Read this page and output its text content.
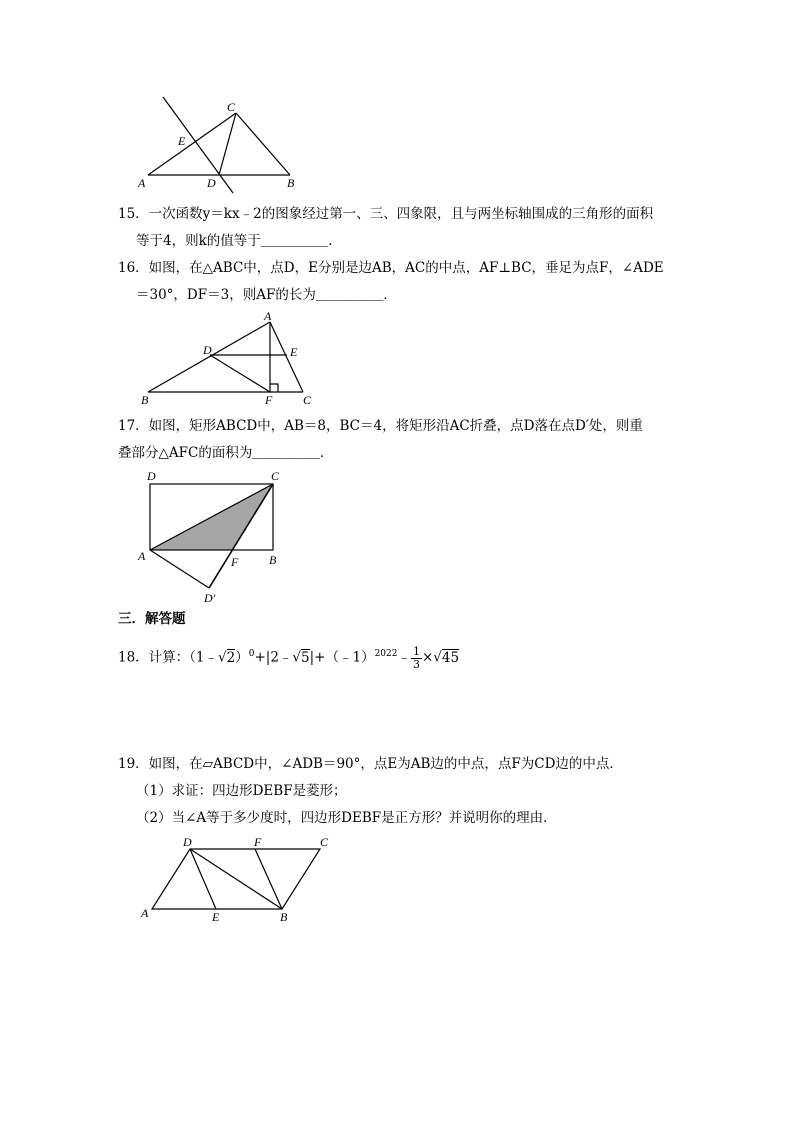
C
E
A	D	B
15．一次函数y＝kx﹣2的图象经过第一、三、四象限，且与两坐标轴围成的三角形的面积
等于4，则k的值等于＿＿＿＿＿．
16．如图，在△ABC中，点D，E分别是边AB，AC的中点，AF⊥BC，垂足为点F，∠ADE
＝30°，DF＝3，则AF的长为＿＿＿＿＿．
A
D	E
B	F	C
17．如图，矩形ABCD中，AB＝8，BC＝4，将矩形沿AC折叠，点D落在点D′处，则重
叠部分△AFC的面积为＿＿＿＿＿．
D	C
A	F	B
D′
三．解答题
18．计算：（1﹣√2）$^0$+|2﹣√5|+（﹣1）$^{2022}$﹣ $\frac{1}{3} \times√45$
19．如图，在▱ABCD中，∠ADB＝90°，点E为AB边的中点，点F为CD边的中点．
（1）求证：四边形DEBF是菱形；
（2）当∠A等于多少度时，四边形DEBF是正方形？并说明你的理由．
D	F	C
A	E	B
